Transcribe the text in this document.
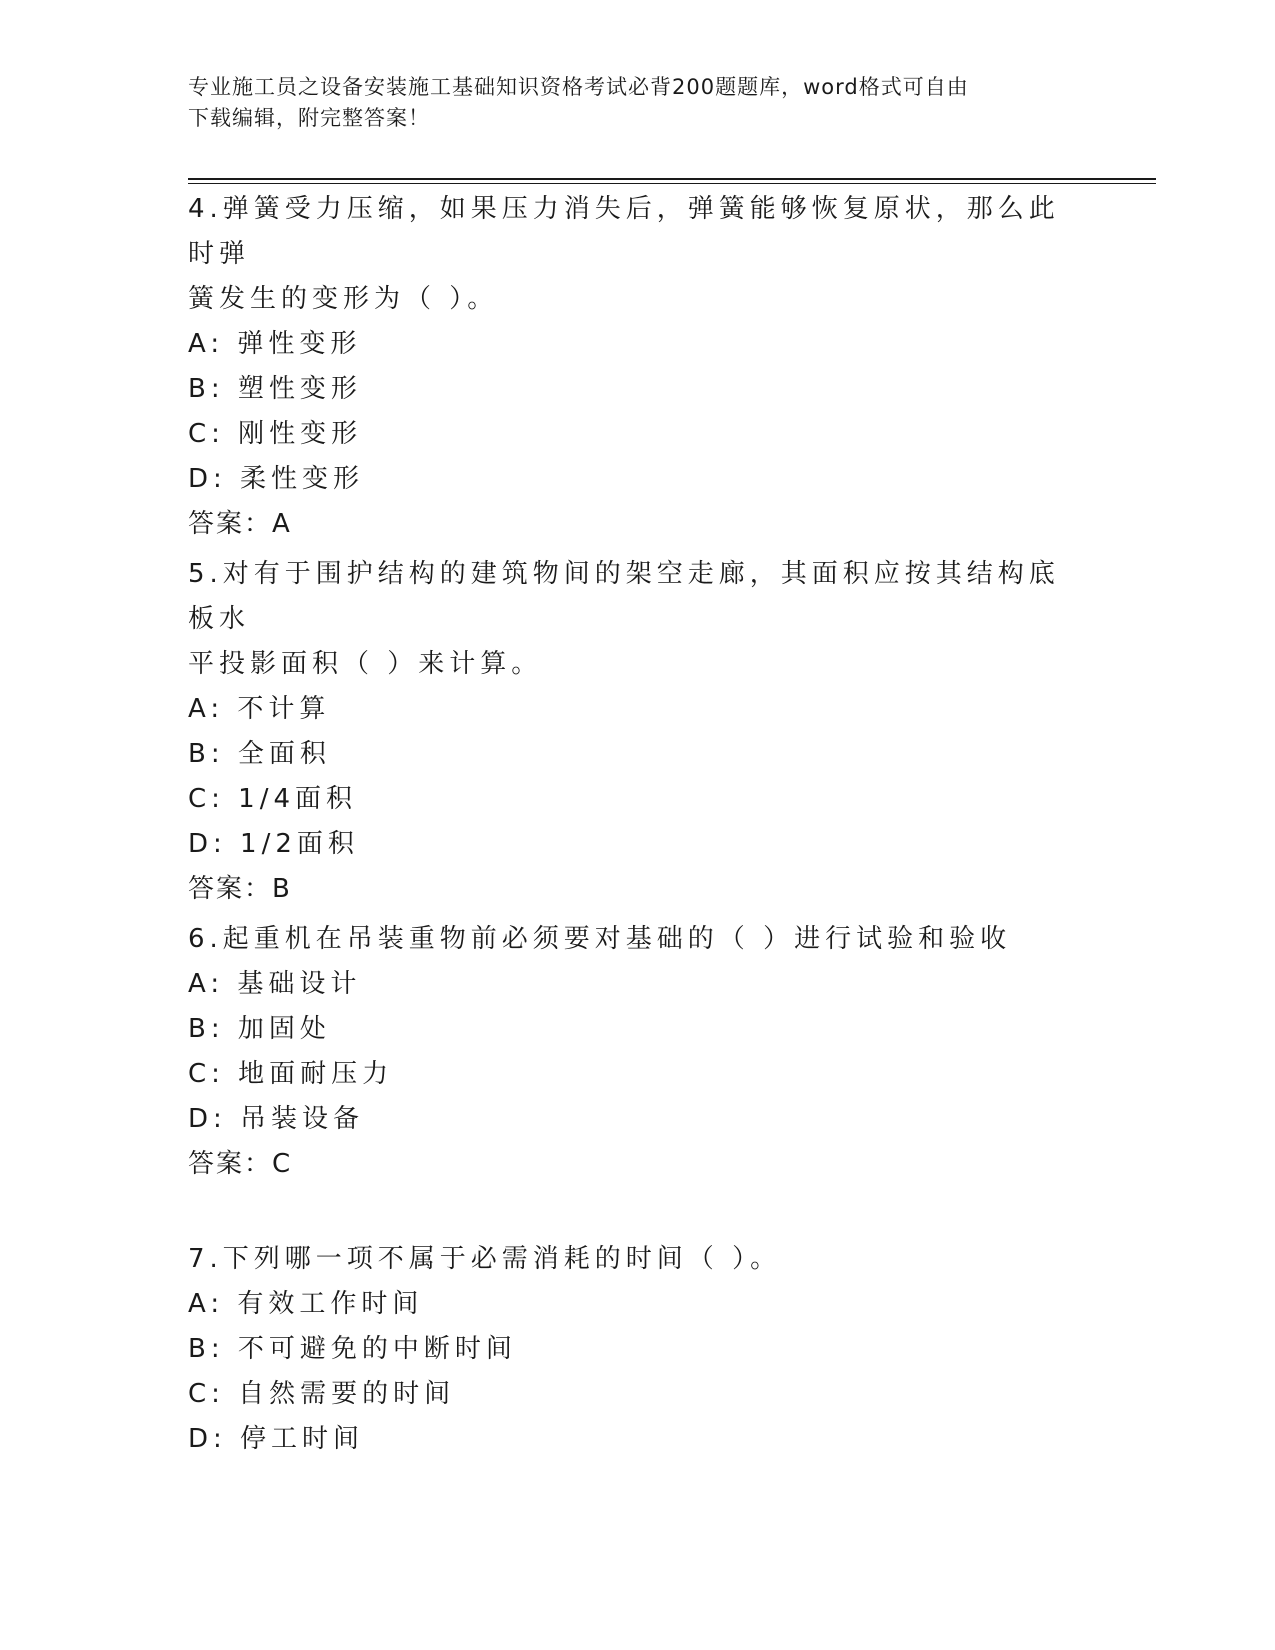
专业施工员之设备安装施工基础知识资格考试必背200题题库，word格式可自由
下载编辑，附完整答案！
4.弹簧受力压缩，如果压力消失后，弹簧能够恢复原状，那么此时弹
簧发生的变形为（ ）。
A: 弹性变形
B: 塑性变形
C: 刚性变形
D: 柔性变形
答案：A
5.对有于围护结构的建筑物间的架空走廊，其面积应按其结构底板水
平投影面积（ ）来计算。
A: 不计算
B: 全面积
C: 1/4面积
D: 1/2面积
答案：B
6.起重机在吊装重物前必须要对基础的（ ）进行试验和验收
A: 基础设计
B: 加固处
C: 地面耐压力
D: 吊装设备
答案：C
7.下列哪一项不属于必需消耗的时间（ ）。
A: 有效工作时间
B: 不可避免的中断时间
C: 自然需要的时间
D: 停工时间
